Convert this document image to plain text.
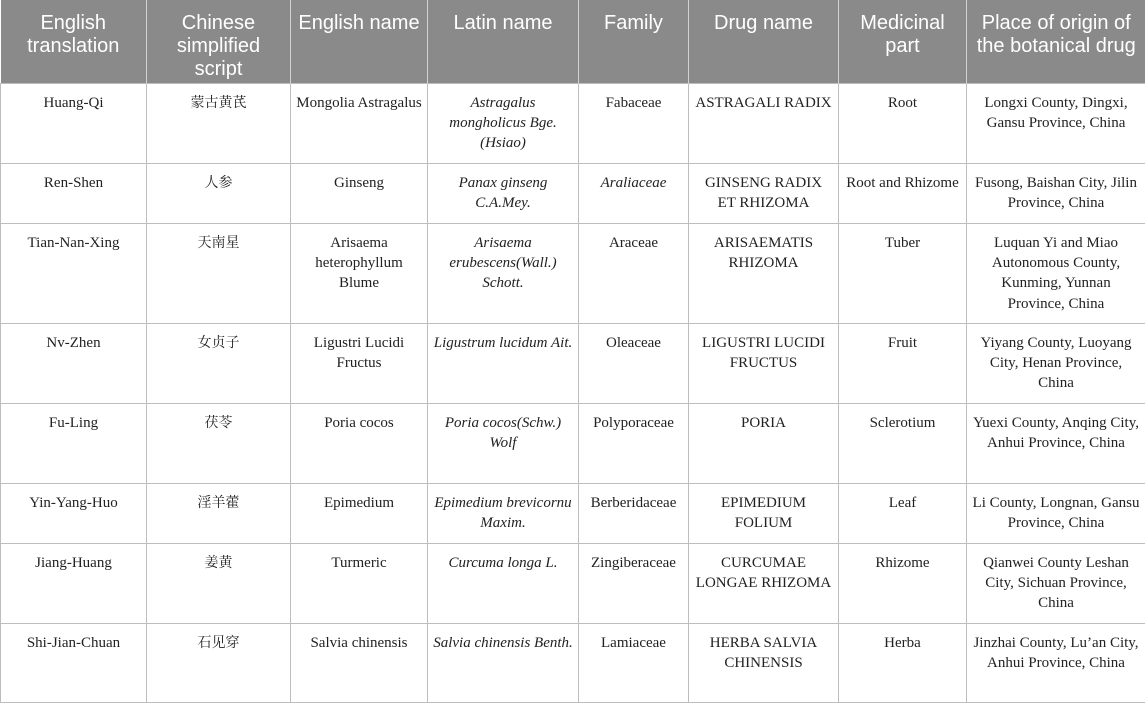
English translation	Chinese simplified script	English name	Latin name	Family	Drug name	Medicinal part	Place of origin of the botanical drug
Huang-Qi	蒙古黄芪	Mongolia Astragalus	Astragalus mongholicus Bge.(Hsiao)	Fabaceae	ASTRAGALI RADIX	Root	Longxi County, Dingxi, Gansu Province, China
Ren-Shen	人参	Ginseng	Panax ginseng C.A.Mey.	Araliaceae	GINSENG RADIX ET RHIZOMA	Root and Rhizome	Fusong, Baishan City, Jilin Province, China
Tian-Nan-Xing	天南星	Arisaema heterophyllum Blume	Arisaema erubescens(Wall.) Schott.	Araceae	ARISAEMATIS RHIZOMA	Tuber	Luquan Yi and Miao Autonomous County, Kunming, Yunnan Province, China
Nv-Zhen	女贞子	Ligustri Lucidi Fructus	Ligustrum lucidum Ait.	Oleaceae	LIGUSTRI LUCIDI FRUCTUS	Fruit	Yiyang County, Luoyang City, Henan Province, China
Fu-Ling	茯苓	Poria cocos	Poria cocos(Schw.) Wolf	Polyporaceae	PORIA	Sclerotium	Yuexi County, Anqing City, Anhui Province, China
Yin-Yang-Huo	淫羊藿	Epimedium	Epimedium brevicornu Maxim.	Berberidaceae	EPIMEDIUM FOLIUM	Leaf	Li County, Longnan, Gansu Province, China
Jiang-Huang	姜黄	Turmeric	Curcuma longa L.	Zingiberaceae	CURCUMAE LONGAE RHIZOMA	Rhizome	Qianwei County Leshan City, Sichuan Province, China
Shi-Jian-Chuan	石见穿	Salvia chinensis	Salvia chinensis Benth.	Lamiaceae	HERBA SALVIA CHINENSIS	Herba	Jinzhai County, Lu’an City, Anhui Province, China
